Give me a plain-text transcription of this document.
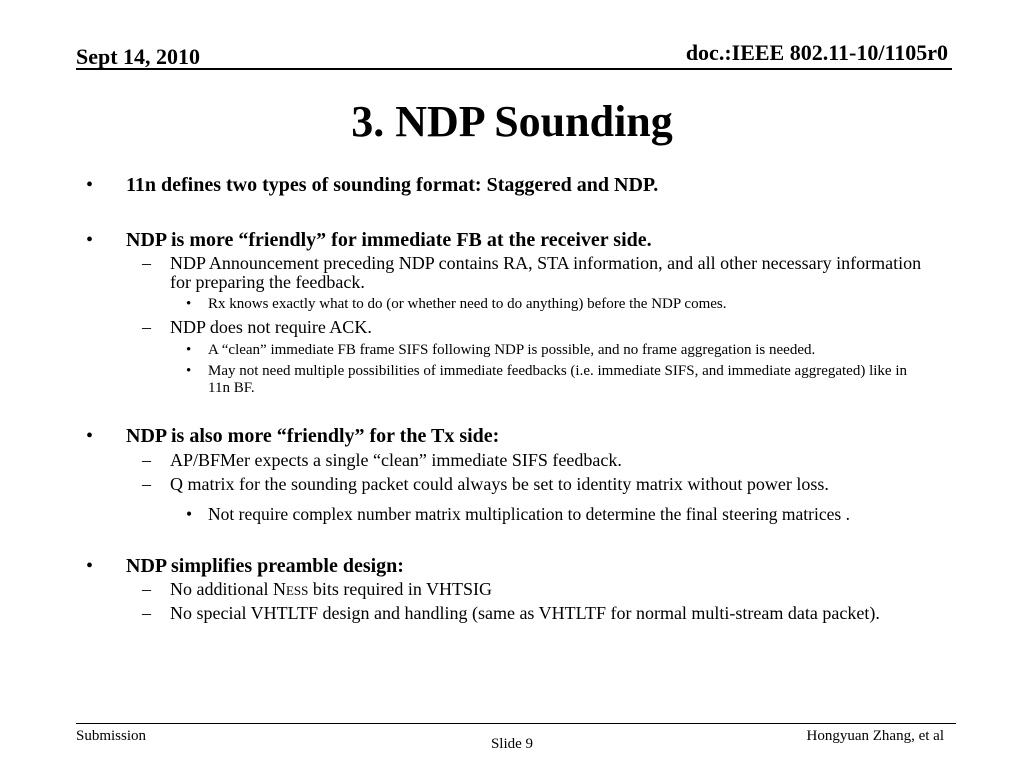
Sept 14, 2010	doc.:IEEE 802.11-10/1105r0
3. NDP Sounding
• 11n defines two types of sounding format: Staggered and NDP.
• NDP is more “friendly” for immediate FB at the receiver side.
– NDP Announcement preceding NDP contains RA, STA information, and all other necessary information for preparing the feedback.
• Rx knows exactly what to do (or whether need to do anything) before the NDP comes.
– NDP does not require ACK.
• A “clean” immediate FB frame SIFS following NDP is possible, and no frame aggregation is needed.
• May not need multiple possibilities of immediate feedbacks (i.e. immediate SIFS, and immediate aggregated) like in 11n BF.
• NDP is also more “friendly” for the Tx side:
– AP/BFMer expects a single “clean” immediate SIFS feedback.
– Q matrix for the sounding packet could always be set to identity matrix without power loss.
• Not require complex number matrix multiplication to determine the final steering matrices .
• NDP simplifies preamble design:
– No additional Ness bits required in VHTSIG
– No special VHTLTF design and handling (same as VHTLTF for normal multi-stream data packet).
Submission	Slide 9	Hongyuan Zhang, et al
